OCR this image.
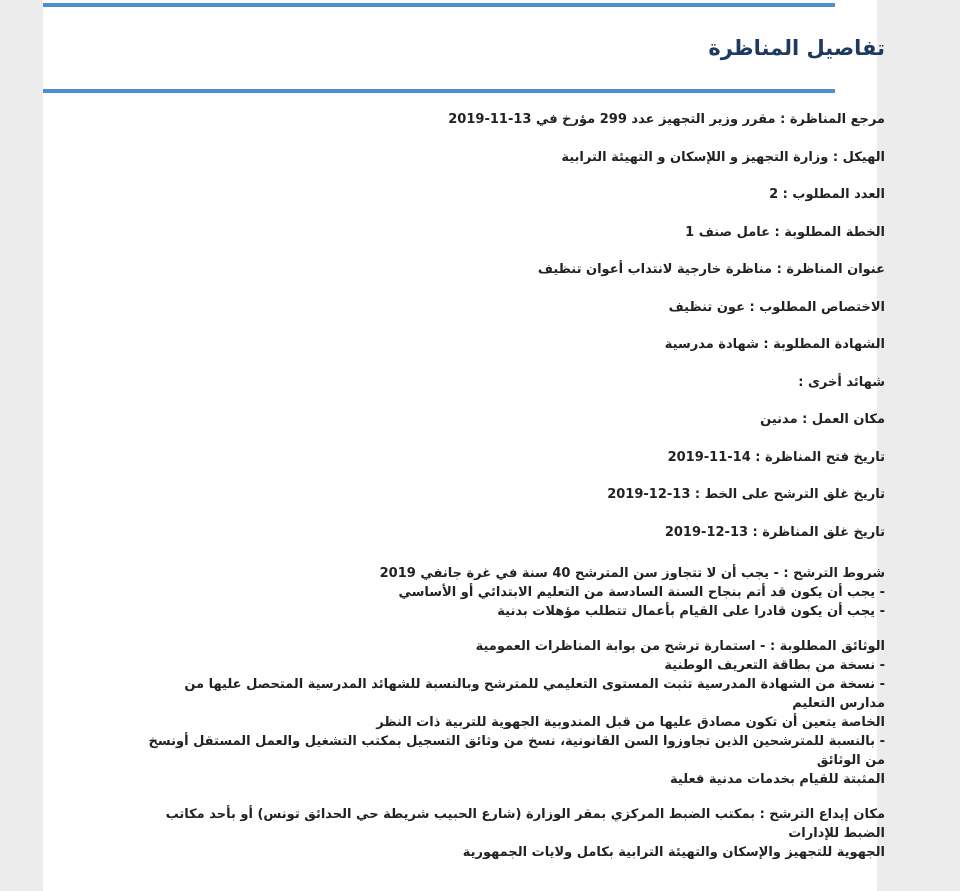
تفاصيل المناظرة
مرجع المناظرة : مقرر وزير التجهيز عدد 299 مؤرخ في 13-11-2019
الهيكل : وزارة التجهيز و اللإسكان و التهيئة الترابية
العدد المطلوب : 2
الخطة المطلوبة : عامل صنف 1
عنوان المناظرة : مناظرة خارجية لانتداب أعوان تنظيف
الاختصاص المطلوب : عون تنظيف
الشهادة المطلوبة : شهادة مدرسية
شهائد أخرى :
مكان العمل : مدنين
تاريخ فتح المناظرة : 14-11-2019
تاريخ غلق الترشح على الخط : 13-12-2019
تاريخ غلق المناظرة : 13-12-2019
شروط الترشح : - يجب أن لا تتجاوز سن المترشح 40 سنة في غرة جانفي 2019
- يجب أن يكون قد أتم بنجاح السنة السادسة من التعليم الابتدائي أو الأساسي
- يجب أن يكون قادرا على القيام بأعمال تتطلب مؤهلات بدنية
الوثائق المطلوبة : - استمارة ترشح من بوابة المناظرات العمومية
- نسخة من بطاقة التعريف الوطنية
- نسخة من الشهادة المدرسية تثبت المستوى التعليمي للمترشح وبالنسبة للشهائد المدرسية المتحصل عليها من مدارس التعليم
الخاصة يتعين أن تكون مصادق عليها من قبل المندوبية الجهوية للتربية ذات النظر
- بالنسبة للمترشحين الذين تجاوزوا السن القانونية، نسخ من وثائق التسجيل بمكتب التشغيل والعمل المستقل أونسخ من الوثائق
المثبتة للقيام بخدمات مدنية فعلية
مكان إيداع الترشح : بمكتب الضبط المركزي بمقر الوزارة (شارع الحبيب شريطة حي الحدائق تونس) أو بأحد مكاتب الضبط للإدارات
الجهوية للتجهيز والإسكان والتهيئة الترابية بكامل ولايات الجمهورية
